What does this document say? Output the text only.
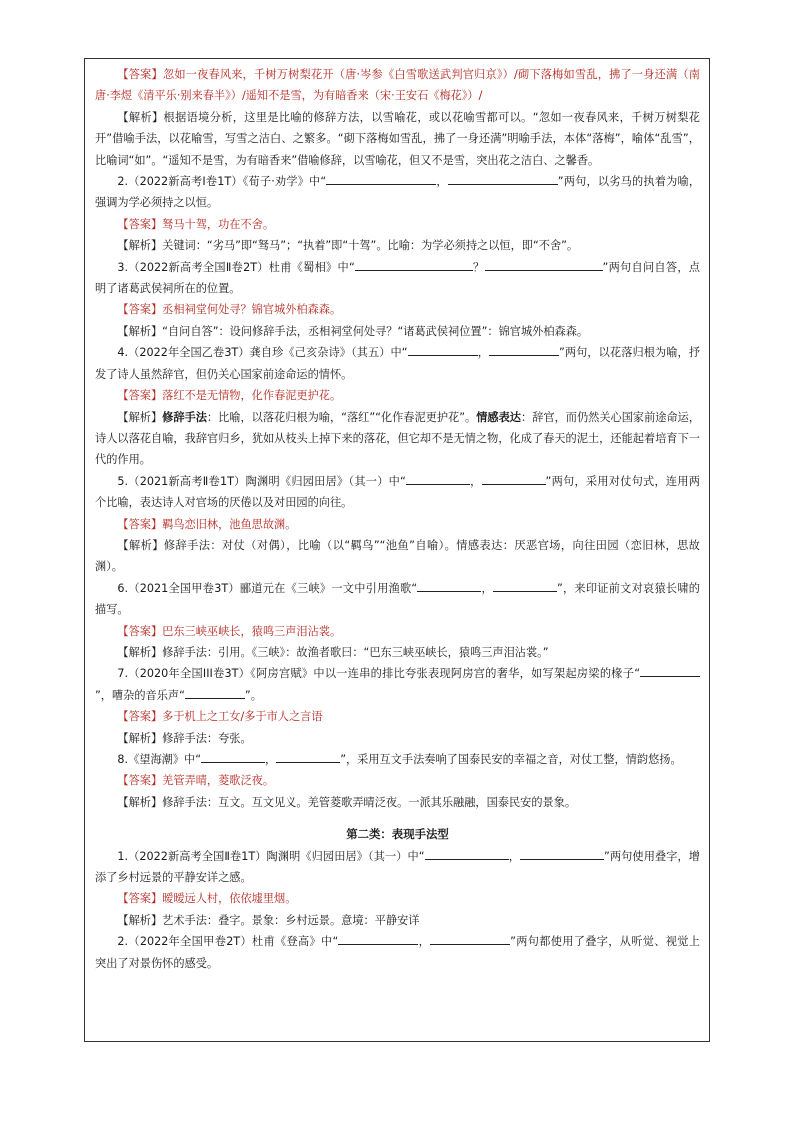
【答案】忽如一夜春风来，千树万树梨花开（唐·岑参《白雪歌送武判官归京》）/砌下落梅如雪乱，拂了一身还满（南唐·李煜《清平乐·别来春半》）/遥知不是雪，为有暗香来（宋·王安石《梅花》）/

【解析】根据语境分析，这里是比喻的修辞方法，以雪喻花，或以花喻雪都可以。“忽如一夜春风来，千树万树梨花开”借喻手法，以花喻雪，写雪之洁白、之繁多。“砌下落梅如雪乱，拂了一身还满”明喻手法，本体“落梅”，喻体“乱雪”，比喻词“如”。“遥知不是雪，为有暗香来”借喻修辞，以雪喻花，但又不是雪，突出花之洁白、之馨香。

2.（2022新高考Ⅰ卷1T）《荀子·劝学》中“	，	”两句，以劣马的执着为喻，强调为学必须持之以恒。

【答案】驽马十驾，功在不舍。

【解析】关键词：“劣马”即“驽马”；“执着”即“十驾”。比喻：为学必须持之以恒，即“不舍”。

3.（2022新高考全国Ⅱ卷2T）杜甫《蜀相》中“	？	”两句自问自答，点明了诸葛武侯祠所在的位置。

【答案】丞相祠堂何处寻？锦官城外柏森森。

【解析】“自问自答”：设问修辞手法，丞相祠堂何处寻？“诸葛武侯祠位置”：锦官城外柏森森。

4.（2022年全国乙卷3T）龚自珍《己亥杂诗》（其五）中“	，	”两句，以花落归根为喻，抒发了诗人虽然辞官，但仍关心国家前途命运的情怀。

【答案】落红不是无情物，化作春泥更护花。

【解析】修辞手法：比喻，以落花归根为喻，“落红”“化作春泥更护花”。情感表达：辞官，而仍然关心国家前途命运，诗人以落花自喻，我辞官归乡，犹如从枝头上掉下来的落花，但它却不是无情之物，化成了春天的泥土，还能起着培育下一代的作用。

5.（2021新高考Ⅱ卷1T）陶渊明《归园田居》（其一）中“	，	”两句，采用对仗句式，连用两个比喻，表达诗人对官场的厌倦以及对田园的向往。

【答案】羁鸟恋旧林，池鱼思故渊。

【解析】修辞手法：对仗（对偶），比喻（以“羁鸟”“池鱼”自喻）。情感表达：厌恶官场，向往田园（恋旧林，思故渊）。

6.（2021全国甲卷3T）郦道元在《三峡》一文中引用渔歌“	，	”，来印证前文对哀猿长啸的描写。

【答案】巴东三峡巫峡长，猿鸣三声泪沾裳。

【解析】修辞手法：引用。《三峡》：故渔者歌曰：“巴东三峡巫峡长，猿鸣三声泪沾裳。”

7.（2020年全国III卷3T）《阿房宫赋》中以一连串的排比夸张表现阿房宫的奢华，如写架起房梁的椽子“”，嘈杂的音乐声“	”。

【答案】多于机上之工女/多于市人之言语

【解析】修辞手法：夸张。

8.《望海潮》中“	，	”，采用互文手法奏响了国泰民安的幸福之音，对仗工整，情韵悠扬。

【答案】羌管弄晴，菱歌泛夜。

【解析】修辞手法：互文。互文见义。羌管菱歌弄晴泛夜。一派其乐融融，国泰民安的景象。

第二类：表现手法型

1.（2022新高考全国Ⅱ卷1T）陶渊明《归园田居》（其一）中“	，	”两句使用叠字，增添了乡村远景的平静安详之感。

【答案】暧暧远人村，依依墟里烟。

【解析】艺术手法：叠字。景象：乡村远景。意境：平静安详

2.（2022年全国甲卷2T）杜甫《登高》中“	，	”两句都使用了叠字，从听觉、视觉上突出了对景伤怀的感受。
